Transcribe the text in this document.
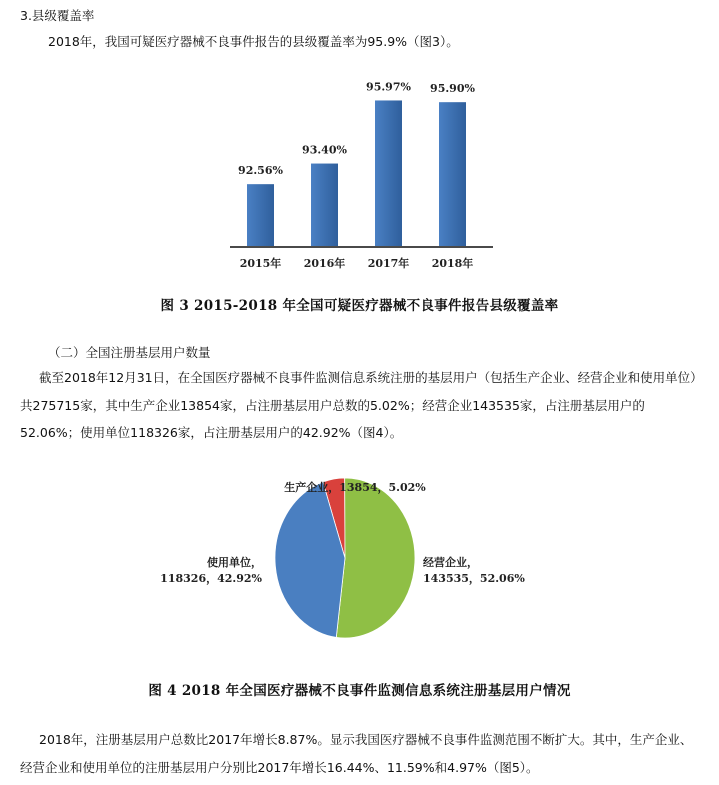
3.县级覆盖率
2018年，我国可疑医疗器械不良事件报告的县级覆盖率为95.9%（图3）。
92.56%
93.40%
95.97% 95.90%
2015年 2016年 2017年 2018年
图 3 2015-2018 年全国可疑医疗器械不良事件报告县级覆盖率
（二）全国注册基层用户数量
截至2018年12月31日，在全国医疗器械不良事件监测信息系统注册的基层用户（包括生产企业、经营企业和使用单位）共275715家，其中生产企业13854家，占注册基层用户总数的5.02%；经营企业143535家，占注册基层用户的52.06%；使用单位118326家，占注册基层用户的42.92%（图4）。
生产企业，13854，5.02%
经营企业，
143535，52.06%
使用单位，
118326，42.92%
图 4 2018 年全国医疗器械不良事件监测信息系统注册基层用户情况
2018年，注册基层用户总数比2017年增长8.87%。显示我国医疗器械不良事件监测范围不断扩大。其中，生产企业、经营企业和使用单位的注册基层用户分别比2017年增长16.44%、11.59%和4.97%（图5）。
